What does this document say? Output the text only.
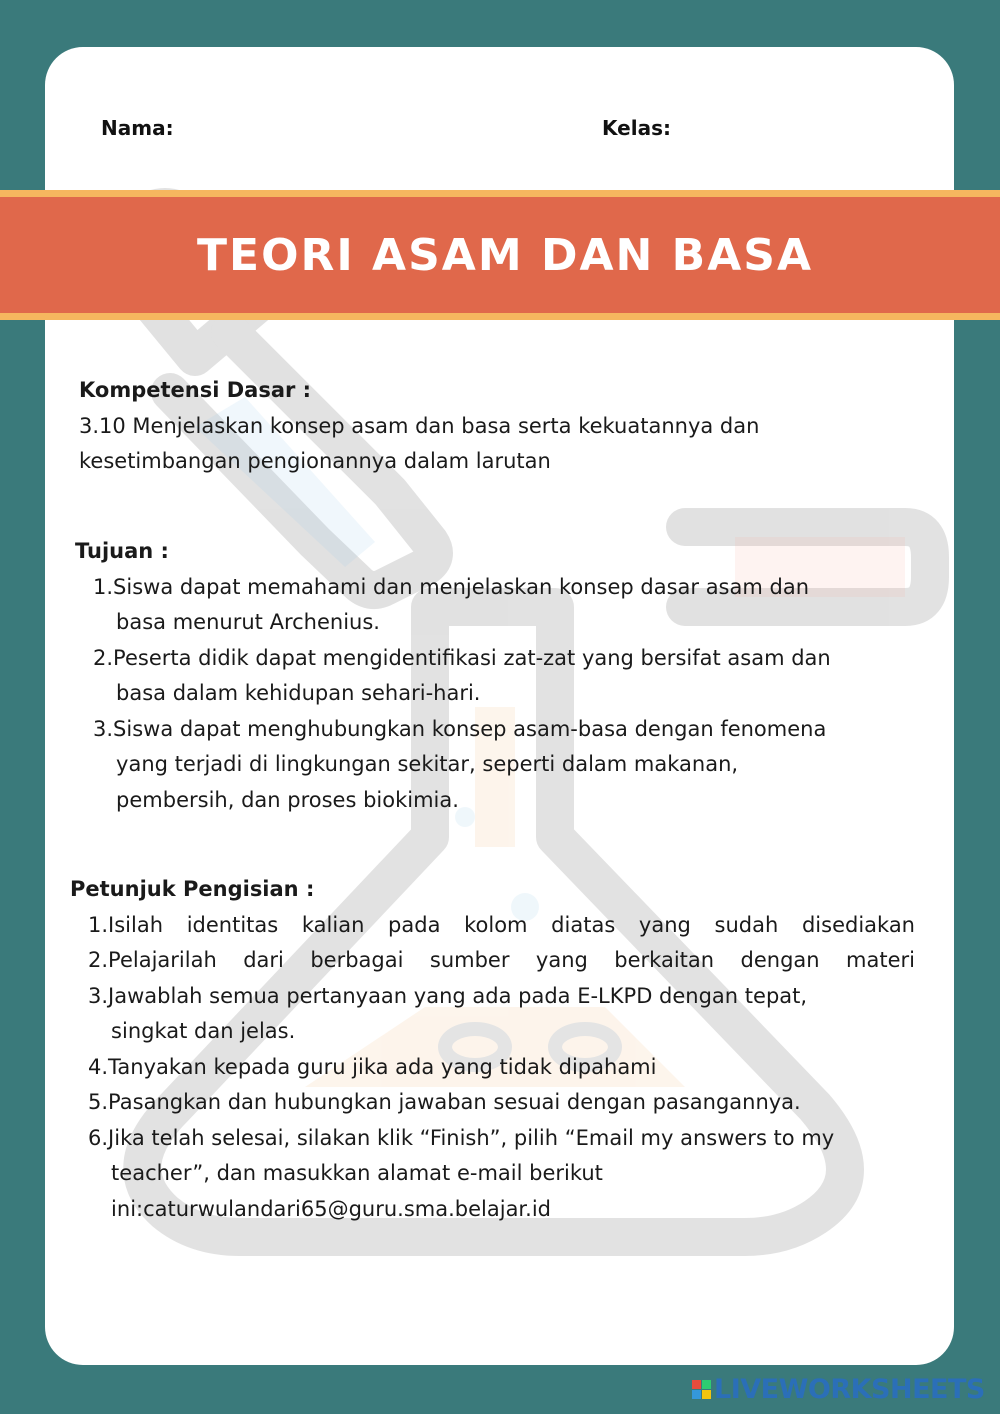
Nama:	Kelas:
TEORI ASAM DAN BASA
Kompetensi Dasar :
3.10 Menjelaskan konsep asam dan basa serta kekuatannya dan
kesetimbangan pengionannya dalam larutan
Tujuan :
1. Siswa dapat memahami dan menjelaskan konsep dasar asam dan
basa menurut Archenius.
2. Peserta didik dapat mengidentifikasi zat-zat yang bersifat asam dan
basa dalam kehidupan sehari-hari.
3. Siswa dapat menghubungkan konsep asam-basa dengan fenomena
yang terjadi di lingkungan sekitar, seperti dalam makanan,
pembersih, dan proses biokimia.
Petunjuk Pengisian :
1. Isilah identitas kalian pada kolom diatas yang sudah disediakan
2. Pelajarilah dari berbagai sumber yang berkaitan dengan materi
3. Jawablah semua pertanyaan yang ada pada E-LKPD dengan tepat,
singkat dan jelas.
4. Tanyakan kepada guru jika ada yang tidak dipahami
5. Pasangkan dan hubungkan jawaban sesuai dengan pasangannya.
6. Jika telah selesai, silakan klik “Finish”, pilih “Email my answers to my
teacher”, dan masukkan alamat e-mail berikut
ini:caturwulandari65@guru.sma.belajar.id
LIVEWORKSHEETS
